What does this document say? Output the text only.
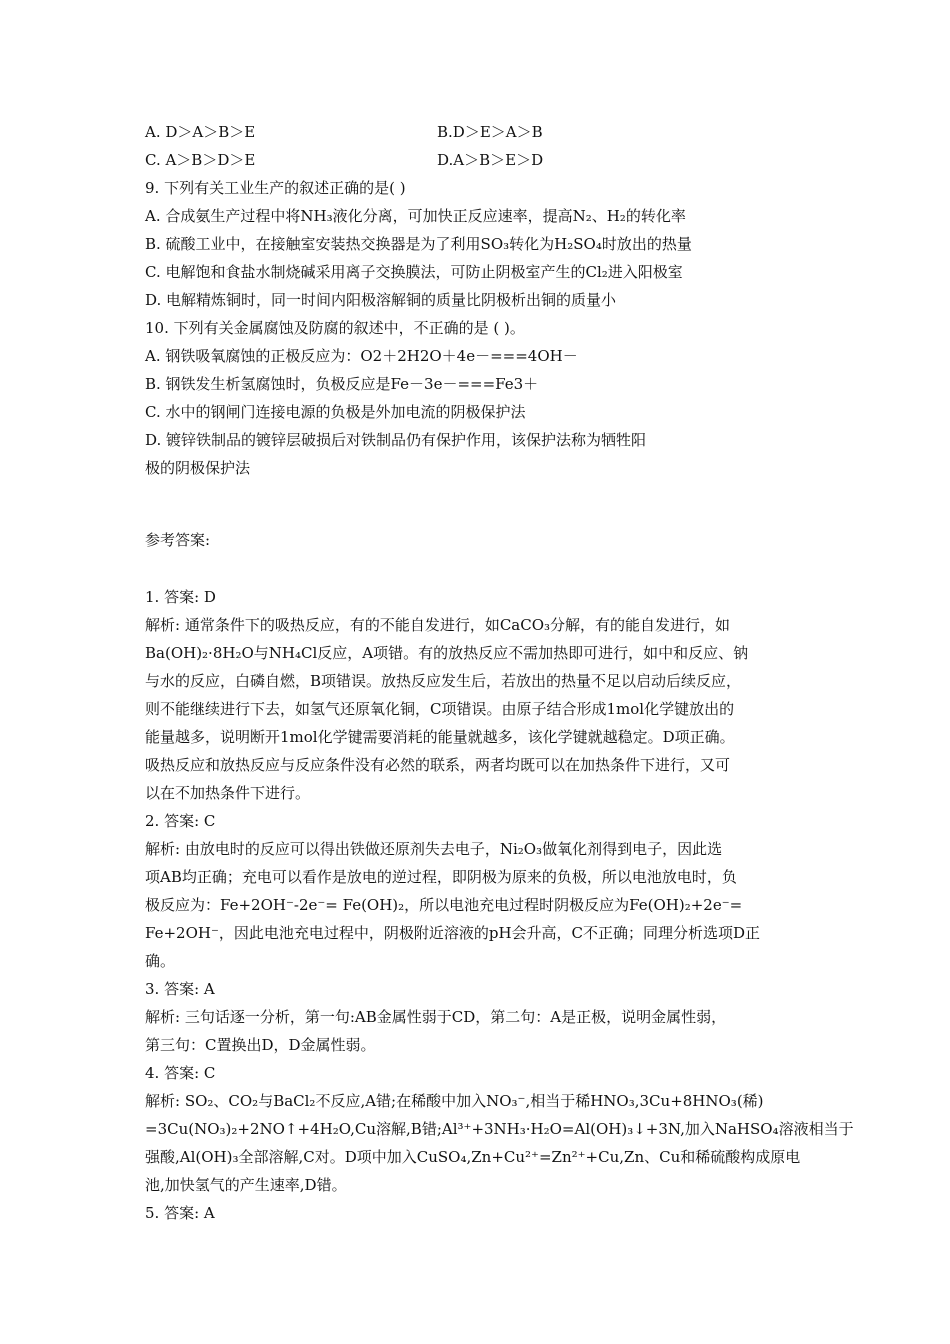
A. D＞A＞B＞E	B.D＞E＞A＞B
C. A＞B＞D＞E	D.A＞B＞E＞D
9. 下列有关工业生产的叙述正确的是( )
A. 合成氨生产过程中将NH₃液化分离，可加快正反应速率，提高N₂、H₂的转化率
B. 硫酸工业中，在接触室安装热交换器是为了利用SO₃转化为H₂SO₄时放出的热量
C. 电解饱和食盐水制烧碱采用离子交换膜法，可防止阴极室产生的Cl₂进入阳极室
D. 电解精炼铜时，同一时间内阳极溶解铜的质量比阴极析出铜的质量小
10. 下列有关金属腐蚀及防腐的叙述中，不正确的是 ( )。
A. 钢铁吸氧腐蚀的正极反应为：O2＋2H2O＋4e－===4OH－
B. 钢铁发生析氢腐蚀时，负极反应是Fe－3e－===Fe3＋
C. 水中的钢闸门连接电源的负极是外加电流的阴极保护法
D. 镀锌铁制品的镀锌层破损后对铁制品仍有保护作用，该保护法称为牺牲阳
极的阴极保护法
参考答案:
1. 答案: D
解析: 通常条件下的吸热反应，有的不能自发进行，如CaCO₃分解，有的能自发进行，如
Ba(OH)₂·8H₂O与NH₄Cl反应，A项错。有的放热反应不需加热即可进行，如中和反应、钠
与水的反应，白磷自燃，B项错误。放热反应发生后，若放出的热量不足以启动后续反应，
则不能继续进行下去，如氢气还原氧化铜，C项错误。由原子结合形成1mol化学键放出的
能量越多，说明断开1mol化学键需要消耗的能量就越多，该化学键就越稳定。D项正确。
吸热反应和放热反应与反应条件没有必然的联系，两者均既可以在加热条件下进行，又可
以在不加热条件下进行。
2. 答案: C
解析: 由放电时的反应可以得出铁做还原剂失去电子，Ni₂O₃做氧化剂得到电子，因此选
项AB均正确；充电可以看作是放电的逆过程，即阴极为原来的负极，所以电池放电时，负
极反应为：Fe+2OH⁻-2e⁻= Fe(OH)₂，所以电池充电过程时阴极反应为Fe(OH)₂+2e⁻=
Fe+2OH⁻，因此电池充电过程中，阴极附近溶液的pH会升高，C不正确；同理分析选项D正
确。
3. 答案: A
解析: 三句话逐一分析，第一句:AB金属性弱于CD，第二句：A是正极，说明金属性弱，
第三句：C置换出D，D金属性弱。
4. 答案: C
解析: SO₂、CO₂与BaCl₂不反应,A错;在稀酸中加入NO₃⁻,相当于稀HNO₃,3Cu+8HNO₃(稀)
=3Cu(NO₃)₂+2NO↑+4H₂O,Cu溶解,B错;Al³⁺+3NH₃·H₂O=Al(OH)₃↓+3N,加入NaHSO₄溶液相当于
强酸,Al(OH)₃全部溶解,C对。D项中加入CuSO₄,Zn+Cu²⁺=Zn²⁺+Cu,Zn、Cu和稀硫酸构成原电
池,加快氢气的产生速率,D错。
5. 答案: A
